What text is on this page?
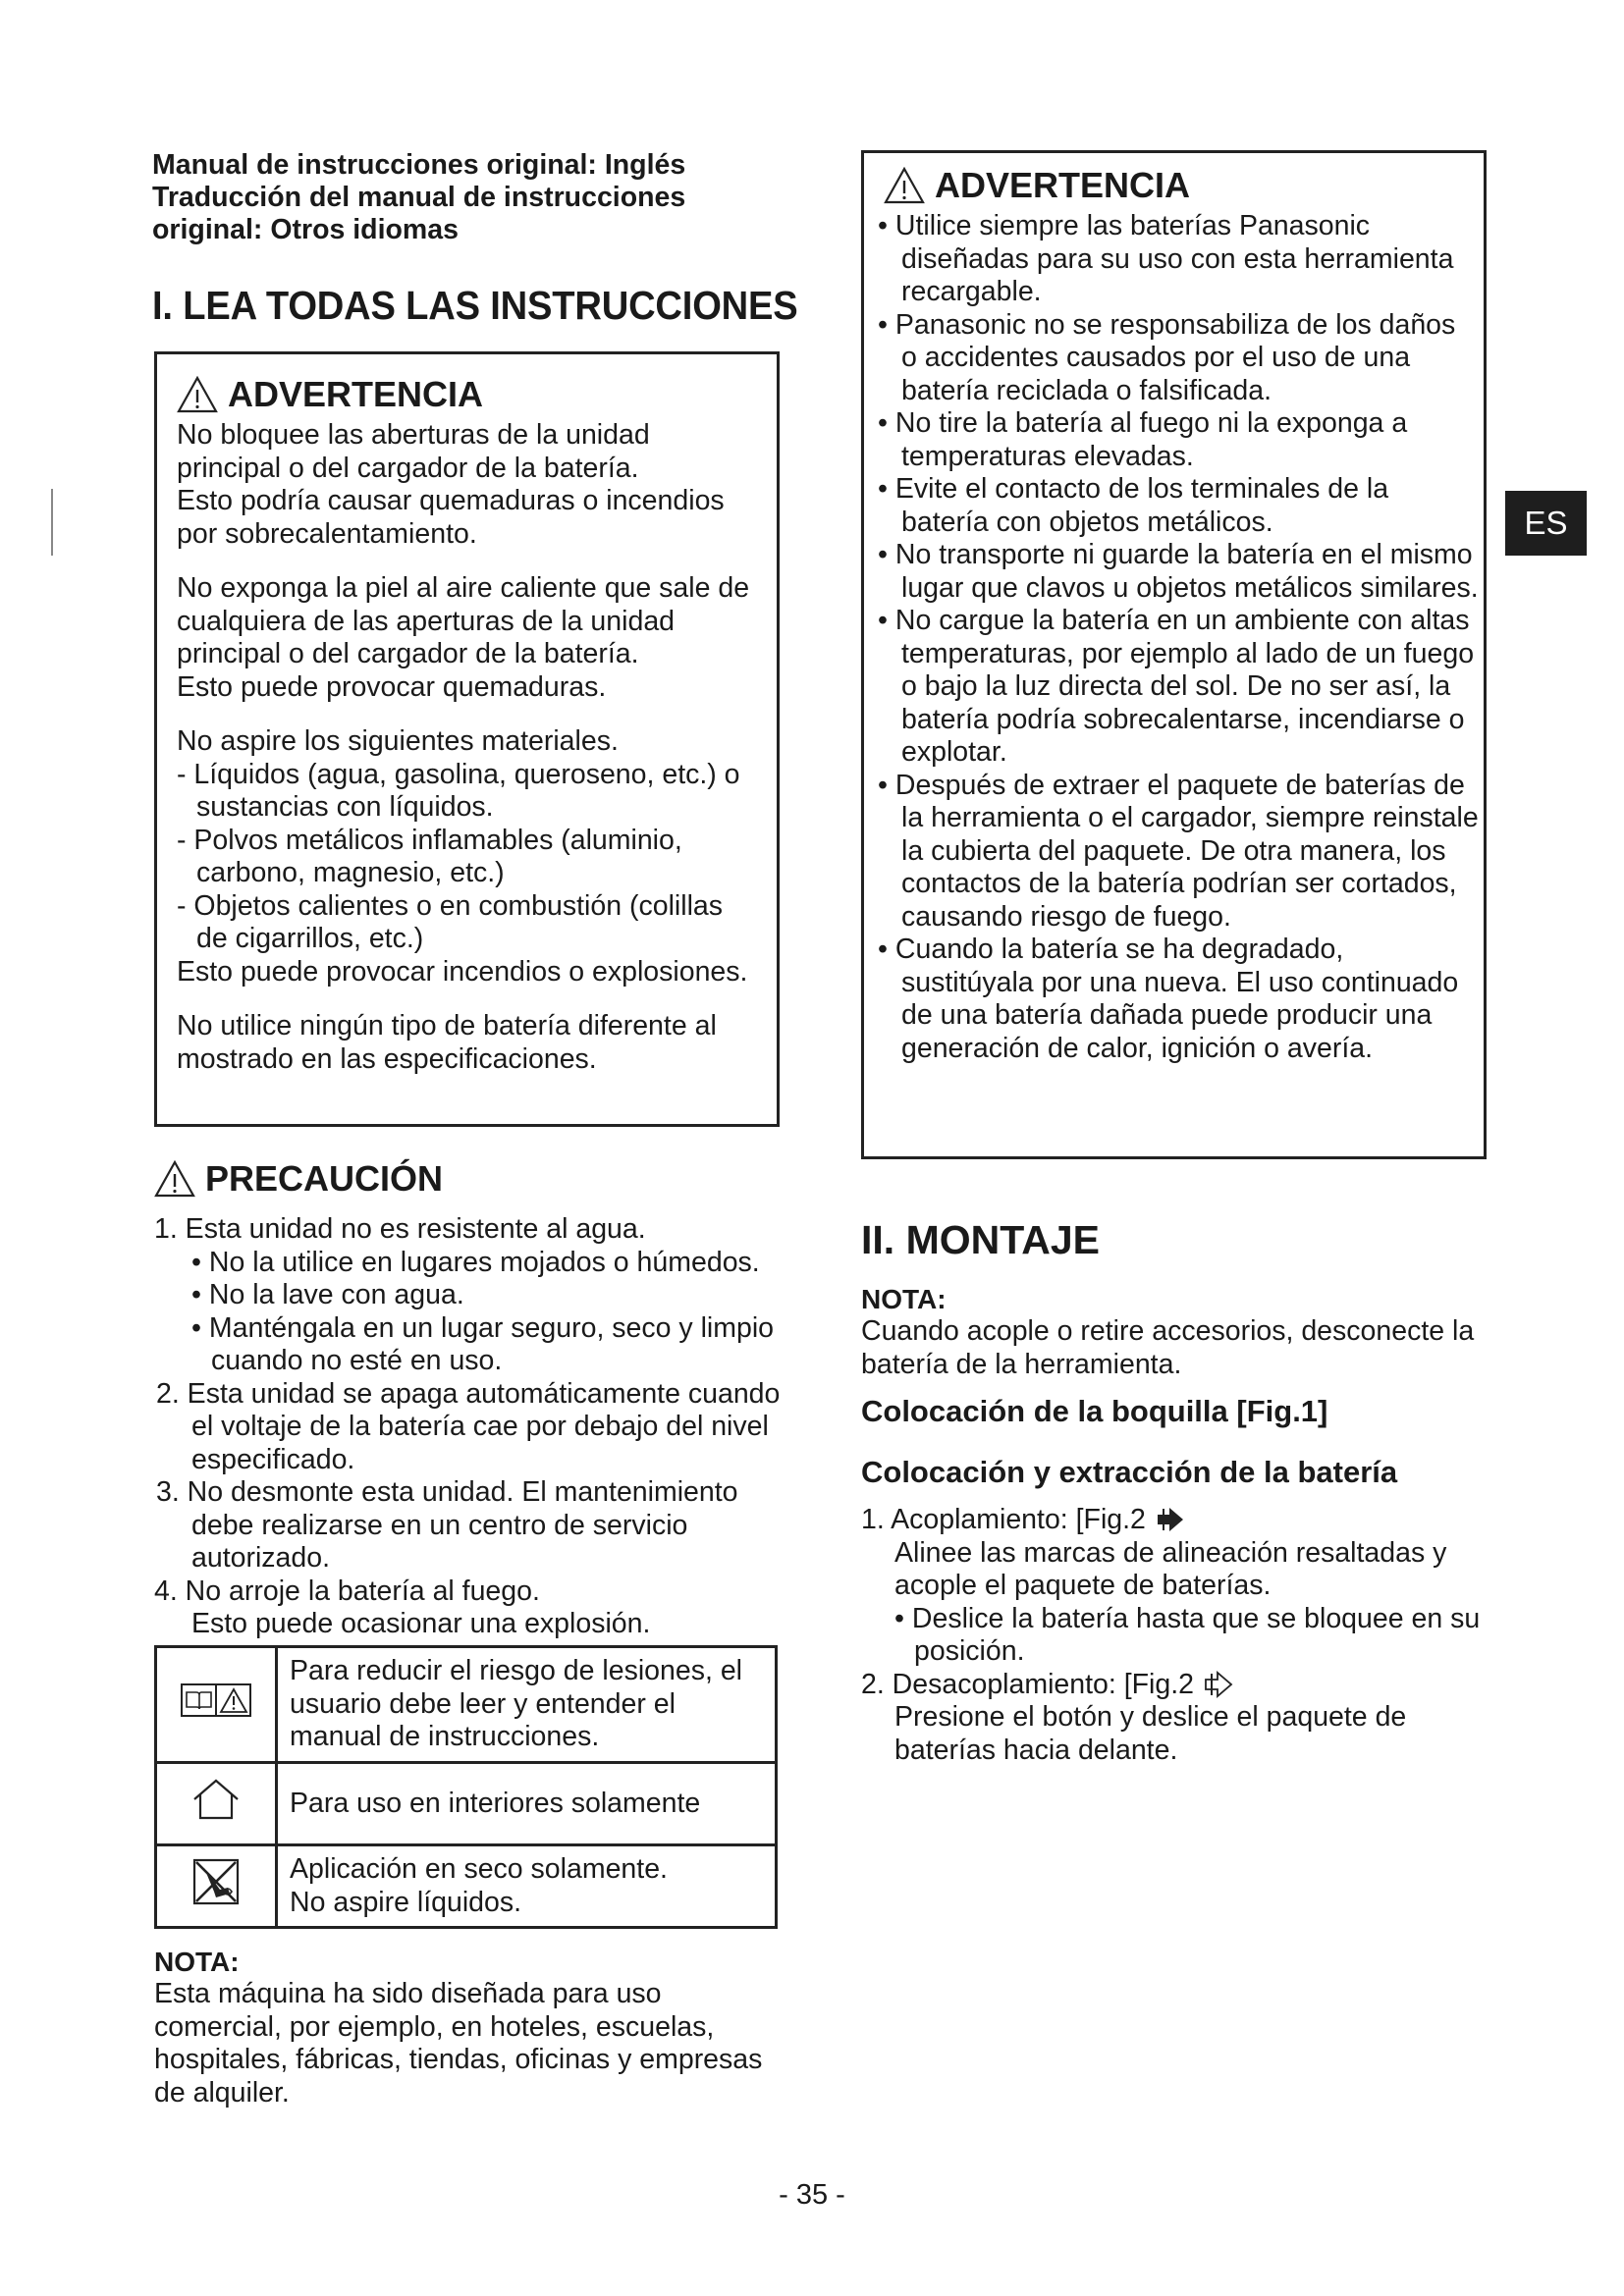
Manual de instrucciones original: Inglés

Traducción del manual de instrucciones

original: Otros idiomas

I. LEA TODAS LAS INSTRUCCIONES
ADVERTENCIA

No bloquee las aberturas de la unidad principal o del cargador de la batería.

Esto podría causar quemaduras o incendios por sobrecalentamiento.

No exponga la piel al aire caliente que sale de cualquiera de las aperturas de la unidad principal o del cargador de la batería.

Esto puede provocar quemaduras.

No aspire los siguientes materiales.

- Líquidos (agua, gasolina, queroseno, etc.) o sustancias con líquidos.

- Polvos metálicos inflamables (aluminio, carbono, magnesio, etc.)

- Objetos calientes o en combustión (colillas de cigarrillos, etc.)

Esto puede provocar incendios o explosiones.

No utilice ningún tipo de batería diferente al mostrado en las especificaciones.

PRECAUCIÓN

1. Esta unidad no es resistente al agua.

• No la utilice en lugares mojados o húmedos.
• No la lave con agua.
• Manténgala en un lugar seguro, seco y limpio cuando no esté en uso.

2. Esta unidad se apaga automáticamente cuando el voltaje de la batería cae por debajo del nivel especificado.

3. No desmonte esta unidad. El mantenimiento debe realizarse en un centro de servicio autorizado.

4. No arroje la batería al fuego.

Esto puede ocasionar una explosión.

	Para reducir el riesgo de lesiones, el usuario debe leer y entender el manual de instrucciones.
	Para uso en interiores solamente

Aplicación en seco solamente.

No aspire líquidos.

NOTA:

Esta máquina ha sido diseñada para uso comercial, por ejemplo, en hoteles, escuelas, hospitales, fábricas, tiendas, oficinas y empresas de alquiler.

ADVERTENCIA
• Utilice siempre las baterías Panasonic diseñadas para su uso con esta herramienta recargable.
• Panasonic no se responsabiliza de los daños o accidentes causados por el uso de una batería reciclada o falsificada.
• No tire la batería al fuego ni la exponga a temperaturas elevadas.
• Evite el contacto de los terminales de la batería con objetos metálicos.
• No transporte ni guarde la batería en el mismo lugar que clavos u objetos metálicos similares.
• No cargue la batería en un ambiente con altas temperaturas, por ejemplo al lado de un fuego o bajo la luz directa del sol. De no ser así, la batería podría sobrecalentarse, incendiarse o explotar.
• Después de extraer el paquete de baterías de la herramienta o el cargador, siempre reinstale la cubierta del paquete. De otra manera, los contactos de la batería podrían ser cortados, causando riesgo de fuego.
• Cuando la batería se ha degradado, sustitúyala por una nueva. El uso continuado de una batería dañada puede producir una generación de calor, ignición o avería.
II. MONTAJE

NOTA:

Cuando acople o retire accesorios, desconecte la batería de la herramienta.

Colocación de la boquilla [Fig.1]
Colocación y extracción de la batería

1. Acoplamiento: [Fig.2

Alinee las marcas de alineación resaltadas y acople el paquete de baterías.

• Deslice la batería hasta que se bloquee en su posición.

2. Desacoplamiento: [Fig.2

Presione el botón y deslice el paquete de baterías hacia delante.

ES
- 35 -
